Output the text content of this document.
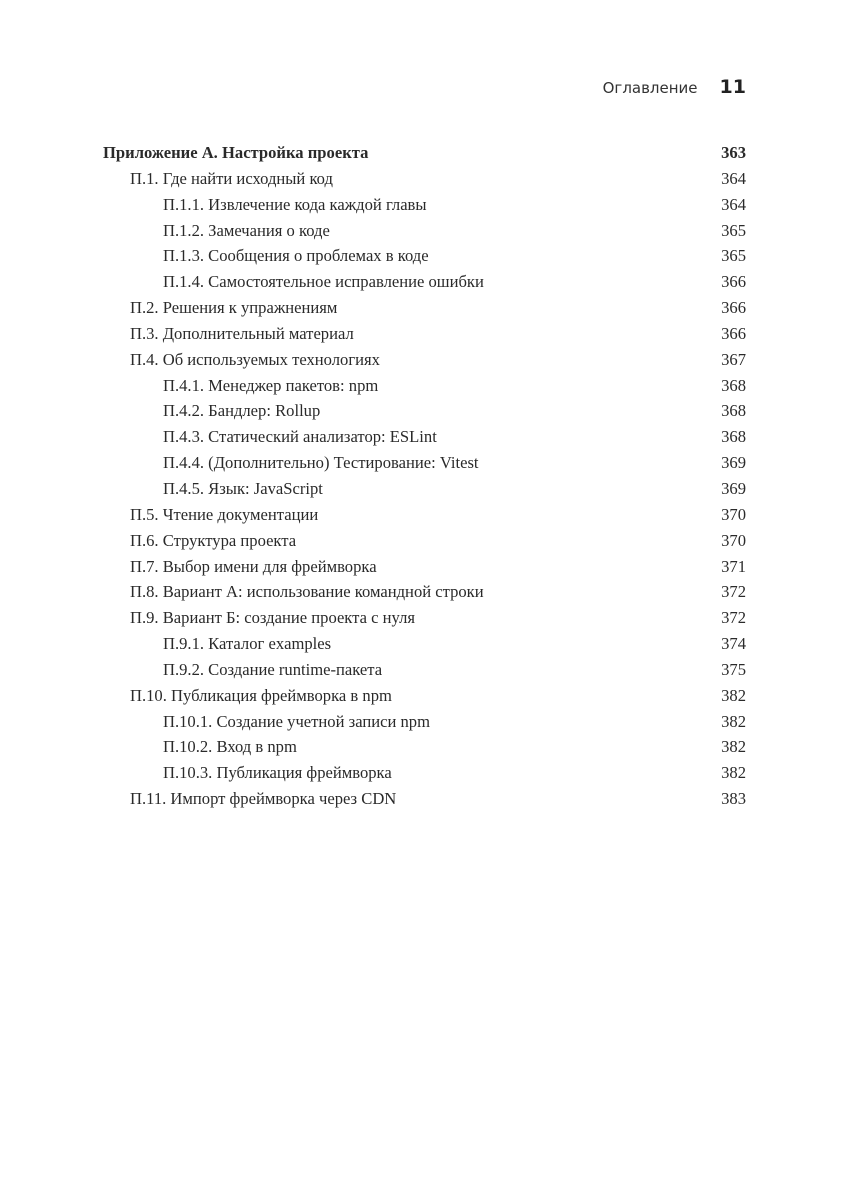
Оглавление 11
Приложение А. Настройка проекта	363
П.1. Где найти исходный код	364
П.1.1. Извлечение кода каждой главы	364
П.1.2. Замечания о коде	365
П.1.3. Сообщения о проблемах в коде	365
П.1.4. Самостоятельное исправление ошибки	366
П.2. Решения к упражнениям	366
П.3. Дополнительный материал	366
П.4. Об используемых технологиях	367
П.4.1. Менеджер пакетов: npm	368
П.4.2. Бандлер: Rollup	368
П.4.3. Статический анализатор: ESLint	368
П.4.4. (Дополнительно) Тестирование: Vitest	369
П.4.5. Язык: JavaScript	369
П.5. Чтение документации	370
П.6. Структура проекта	370
П.7. Выбор имени для фреймворка	371
П.8. Вариант А: использование командной строки	372
П.9. Вариант Б: создание проекта с нуля	372
П.9.1. Каталог examples	374
П.9.2. Создание runtime-пакета	375
П.10. Публикация фреймворка в npm	382
П.10.1. Создание учетной записи npm	382
П.10.2. Вход в npm	382
П.10.3. Публикация фреймворка	382
П.11. Импорт фреймворка через CDN	383
